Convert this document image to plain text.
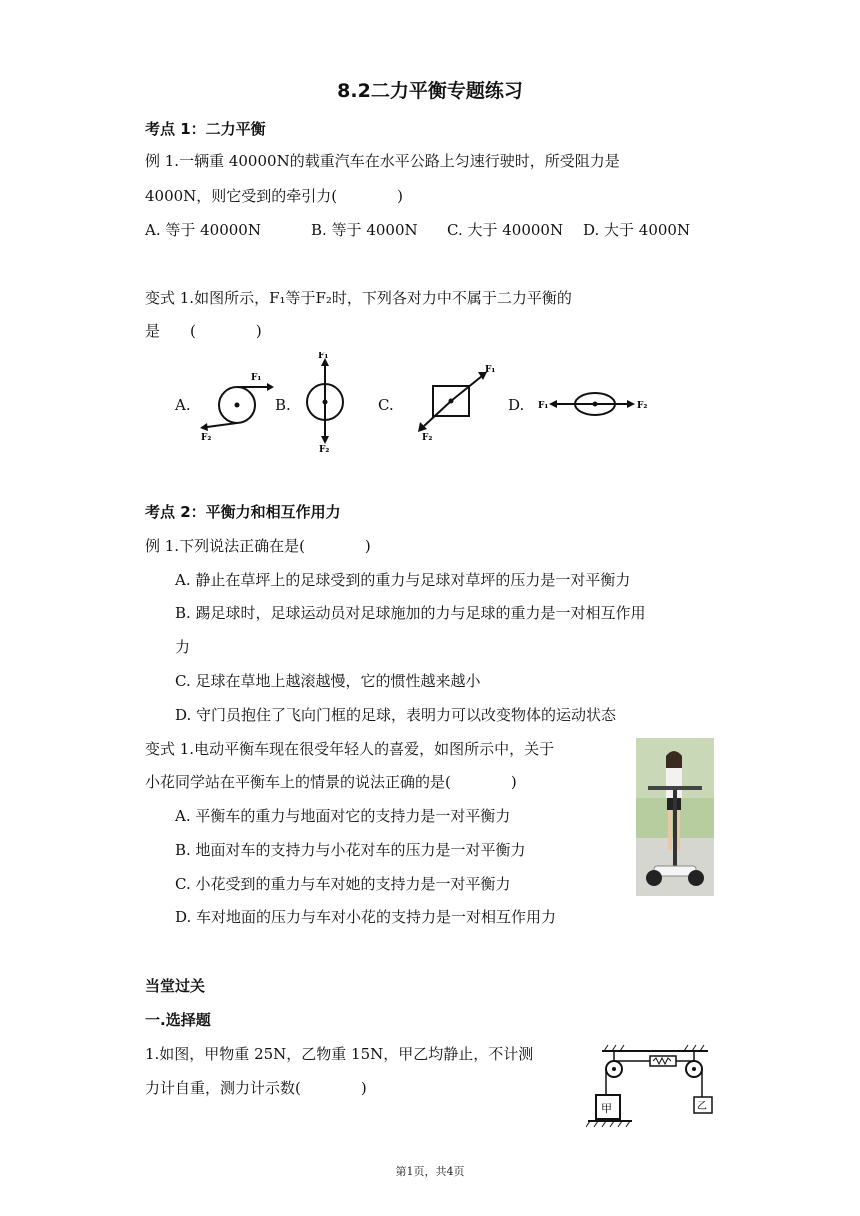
8.2二力平衡专题练习
考点 1：二力平衡
例 1.一辆重 40000N的载重汽车在水平公路上匀速行驶时，所受阻力是
4000N，则它受到的牵引力(　　　　)
A. 等于 40000N	B. 等于 4000N C. 大于 40000N D. 大于 4000N
变式 1.如图所示，F₁等于F₂时，下列各对力中不属于二力平衡的
是　　(　　　　)
A.	B.	C.	D.
F₁
F₂
F₁
F₂
F₁
F₂
F₁	F₂
考点 2：平衡力和相互作用力
例 1.下列说法正确在是(　　　　)
A. 静止在草坪上的足球受到的重力与足球对草坪的压力是一对平衡力
B. 踢足球时，足球运动员对足球施加的力与足球的重力是一对相互作用
力
C. 足球在草地上越滚越慢，它的惯性越来越小
D. 守门员抱住了飞向门框的足球，表明力可以改变物体的运动状态
变式 1.电动平衡车现在很受年轻人的喜爱，如图所示中，关于
小花同学站在平衡车上的情景的说法正确的是(　　　　)
A. 平衡车的重力与地面对它的支持力是一对平衡力
B. 地面对车的支持力与小花对车的压力是一对平衡力
C. 小花受到的重力与车对她的支持力是一对平衡力
D. 车对地面的压力与车对小花的支持力是一对相互作用力
当堂过关
一.选择题
1.如图，甲物重 25N，乙物重 15N，甲乙均静止，不计测
力计自重，测力计示数(　　　　)
甲	乙
第1页，共4页
